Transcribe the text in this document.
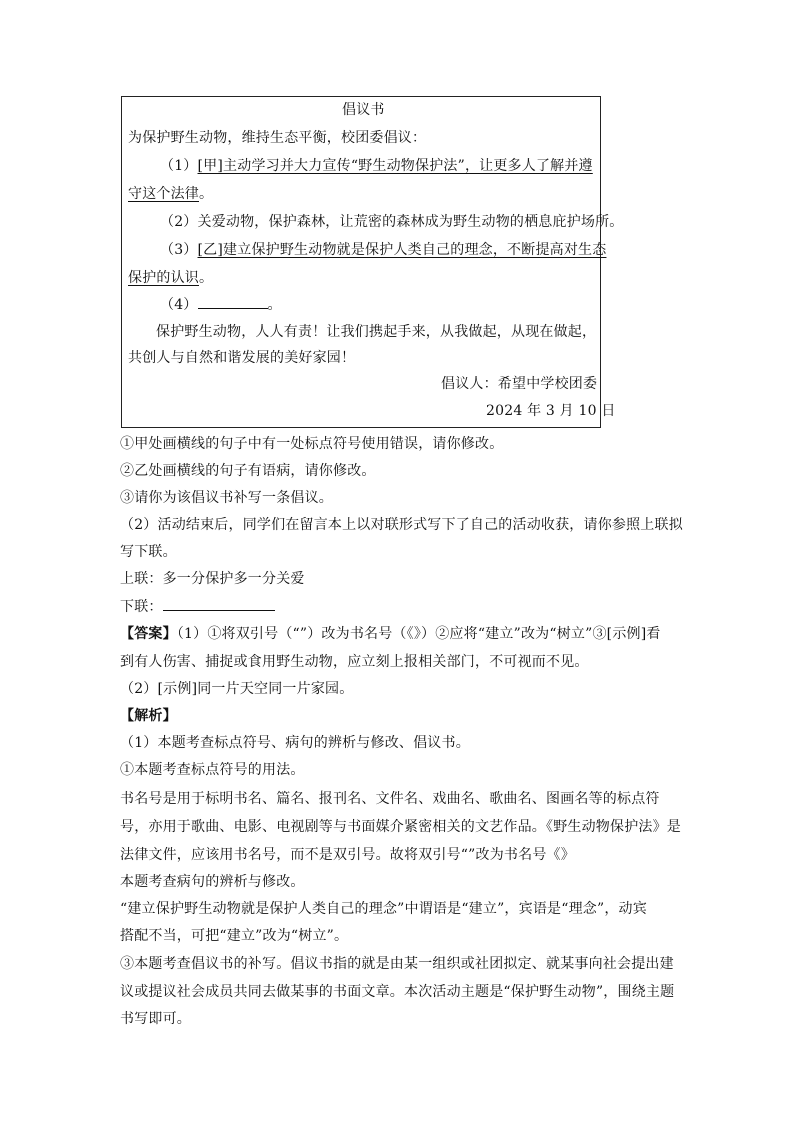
倡议书
为保护野生动物，维持生态平衡，校团委倡议：
（1）[甲]主动学习并大力宣传“野生动物保护法”，让更多人了解并遵
守这个法律。
（2）关爱动物，保护森林，让荒密的森林成为野生动物的栖息庇护场所。
（3）[乙]建立保护野生动物就是保护人类自己的理念，不断提高对生态
保护的认识。
（4）	。
保护野生动物，人人有责！让我们携起手来，从我做起，从现在做起，
共创人与自然和谐发展的美好家园！
倡议人：希望中学校团委
2024 年 3 月 10 日
①甲处画横线的句子中有一处标点符号使用错误，请你修改。
②乙处画横线的句子有语病，请你修改。
③请你为该倡议书补写一条倡议。
（2）活动结束后，同学们在留言本上以对联形式写下了自己的活动收获，请你参照上联拟
写下联。
上联：多一分保护多一分关爱
下联：
【答案】（1）①将双引号（“”）改为书名号（《》）②应将“建立”改为“树立”③[示例]看
到有人伤害、捕捉或食用野生动物，应立刻上报相关部门，不可视而不见。
（2）[示例]同一片天空同一片家园。
【解析】
（1）本题考查标点符号、病句的辨析与修改、倡议书。
①本题考查标点符号的用法。
书名号是用于标明书名、篇名、报刊名、文件名、戏曲名、歌曲名、图画名等的标点符
号，亦用于歌曲、电影、电视剧等与书面媒介紧密相关的文艺作品。《野生动物保护法》是
法律文件，应该用书名号，而不是双引号。故将双引号“”改为书名号《》
本题考查病句的辨析与修改。
“建立保护野生动物就是保护人类自己的理念”中谓语是“建立”，宾语是“理念”，动宾
搭配不当，可把“建立”改为“树立”。
③本题考查倡议书的补写。倡议书指的就是由某一组织或社团拟定、就某事向社会提出建
议或提议社会成员共同去做某事的书面文章。本次活动主题是“保护野生动物”，围绕主题
书写即可。
